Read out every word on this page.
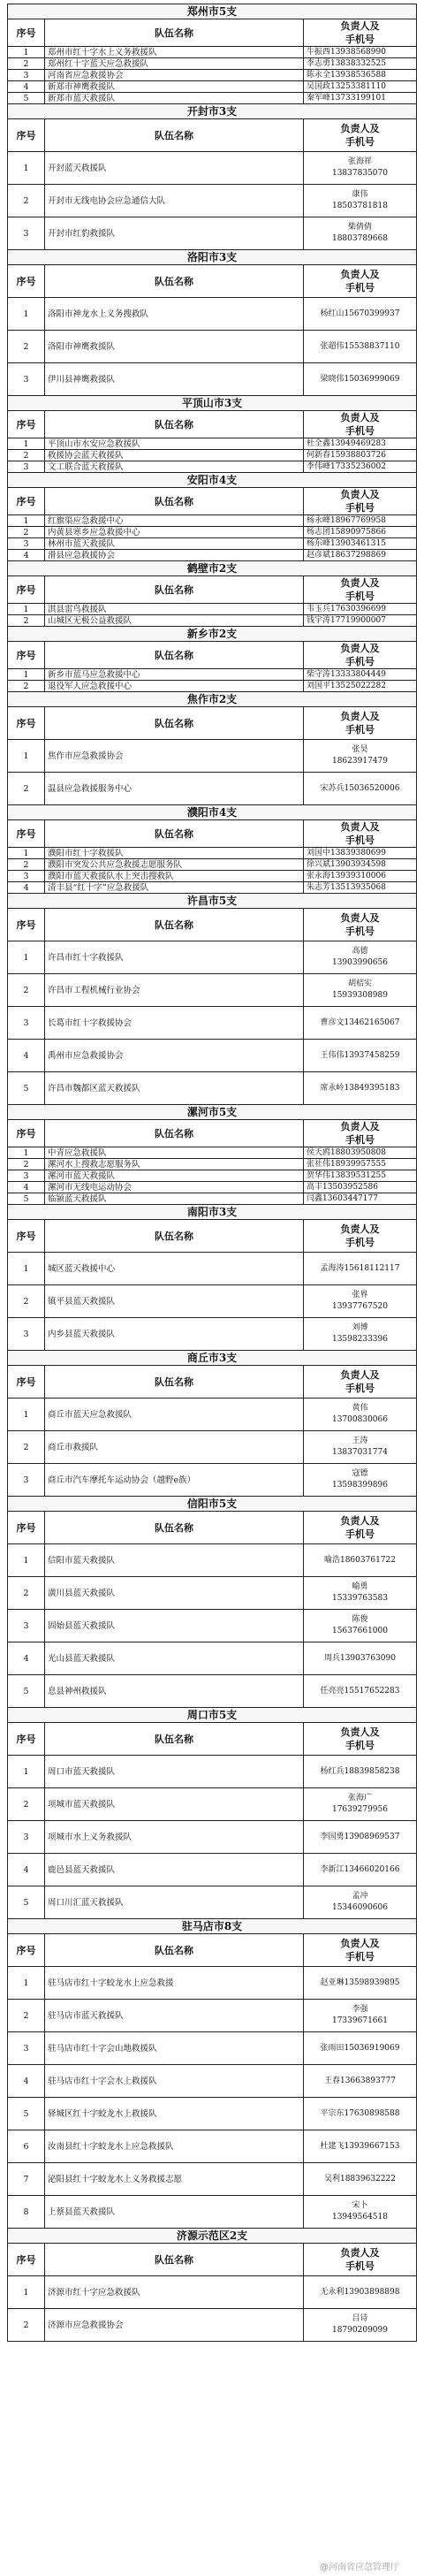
郑州市5支		
序号	队伍名称	负责人及
手机号
1	郑州市红十字水上义务救援队	牛振西13938568990
2	郑州红十字蓝天应急救援队	李志勇13838332525
3	河南省应急救援协会	陈永全13938536588
4	新郑市神鹰救援队	吴国政13253381110
5	新郑市蓝天救援队	秦军峰13733199101
开封市3支		
序号	队伍名称	负责人及
手机号
1	开封蓝天救援队	张海祥
13837835070
2	开封市无线电协会应急通信大队	康伟
18503781818
3	开封市红豹救援队	柴倩倩
18803789668
洛阳市3支		
序号	队伍名称	负责人及
手机号
1	洛阳市神龙水上义务搜救队	杨红山15670399937
2	洛阳市神鹰救援队	张超伟15538837110
3	伊川县神鹰救援队	梁晓伟15036999069
平顶山市3支		
序号	队伍名称	负责人及
手机号
1	平顶山市水安应急救援队	杜全鑫13949469283
2	救援协会蓝天救援队	何新春15938803726
3	文工联合蓝天救援队	李伟峰17335236002
安阳市4支		
序号	队伍名称	负责人及
手机号
1	红旗渠应急救援中心	杨永峰18967769958
2	内黄县寒乡应急救援中心	杨志团15890975866
3	林州市蓝天救援队	杨东峰13903461315
4	滑县应急救援协会	赵彦斌18637298869
鹤壁市2支		
序号	队伍名称	负责人及
手机号
1	淇县雷鸟救援队	韦玉兵17630396699
2	山城区无极公益救援队	钱宇涛17719900007
新乡市2支		
序号	队伍名称	负责人及
手机号
1	新乡市蓝马应急救援中心	柴守涛13333804449
2	退役军人应急救援中心	刘国平13525022282
焦作市2支		
序号	队伍名称	负责人及
手机号
1	焦作市应急救援协会	张昊
18623917479
2	温县应急救援服务中心	宋苏兵15036520006
濮阳市4支		
序号	队伍名称	负责人及
手机号
1	濮阳市红十字救援队	刘国中13839380699
2	濮阳市突发公共应急救援志愿服务队	徐兴斌13903934598
3	濮阳市蓝天救援队水上突击搜救队	张永海13939310006
4	清丰县“红十字”应急救援队	朱志芳13513935068
许昌市5支		
序号	队伍名称	负责人及
手机号
1	许昌市红十字救援队	高德
13903990656
2	许昌市工程机械行业协会	胡桔实
15939308989
3	长葛市红十字救援协会	曹彦文13462165067
4	禹州市应急救援协会	王伟伟13937458259
5	许昌市魏都区蓝天救援队	席永岭13849395183
漯河市5支		
序号	队伍名称	负责人及
手机号
1	中青应急救援队	侯天鸥18803950808
2	漯河水上搜救志愿服务队	张社伟18939957555
3	漯河市蓝天救援队	贺华伟13839531255
4	漯河市无线电运动协会	高丰13503952586
5	临颍蓝天救援队	闫鑫13603447177
南阳市3支		
序号	队伍名称	负责人及
手机号
1	城区蓝天救援中心	孟海涛15618112117
2	镇平县蓝天救援队	张界
13937767520
3	内乡县蓝天救援队	刘博
13598233396
商丘市3支		
序号	队伍名称	负责人及
手机号
1	商丘市蓝天应急救援队	黄伟
13700830066
2	商丘市救援队	王涛
13837031774
3	商丘市汽车摩托车运动协会（越野e族）	寇镖
13598399896
信阳市5支		
序号	队伍名称	负责人及
手机号
1	信阳市蓝天救援队	喻浩18603761722
2	潢川县蓝天救援队	喻勇
15339763583
3	固始县蓝天救援队	陈俊
15637661000
4	光山县蓝天救援队	周兵13903763090
5	息县神州救援队	任亮亮15517652283
周口市5支		
序号	队伍名称	负责人及
手机号
1	周口市蓝天救援队	杨红兵18839858238
2	项城市蓝天救援队	张海广
17639279956
3	项城市水上义务救援队	李国勇13908969537
4	鹿邑县蓝天救援队	李新江13466020166
5	周口川汇蓝天救援队	孟冲
15346090606
驻马店市8支		
序号	队伍名称	负责人及
手机号
1	驻马店市红十字蛟龙水上应急救援	赵亚琳13598939895
2	驻马店市蓝天救援队	李强
17339671661
3	驻马店市红十字会山地救援队	张雨田15036919069
4	驻马店市红十字会水上救援队	王春13663893777
5	驿城区红十字蛟龙水上救援队	平宗东17630898588
6	汝南县红十字蛟龙水上应急救援队	杜建飞13939667153
7	泌阳县红十字蛟龙水上义务救援志愿	吴利18839632222
8	上蔡县蓝天救援队	宋卜
13949564518
济源示范区2支		
序号	队伍名称	负责人及
手机号
1	济源市红十字应急救援队	无永利13903898898
2	济源市应急救援协会	吕诗
18790209099
@河南省应急管理厅
